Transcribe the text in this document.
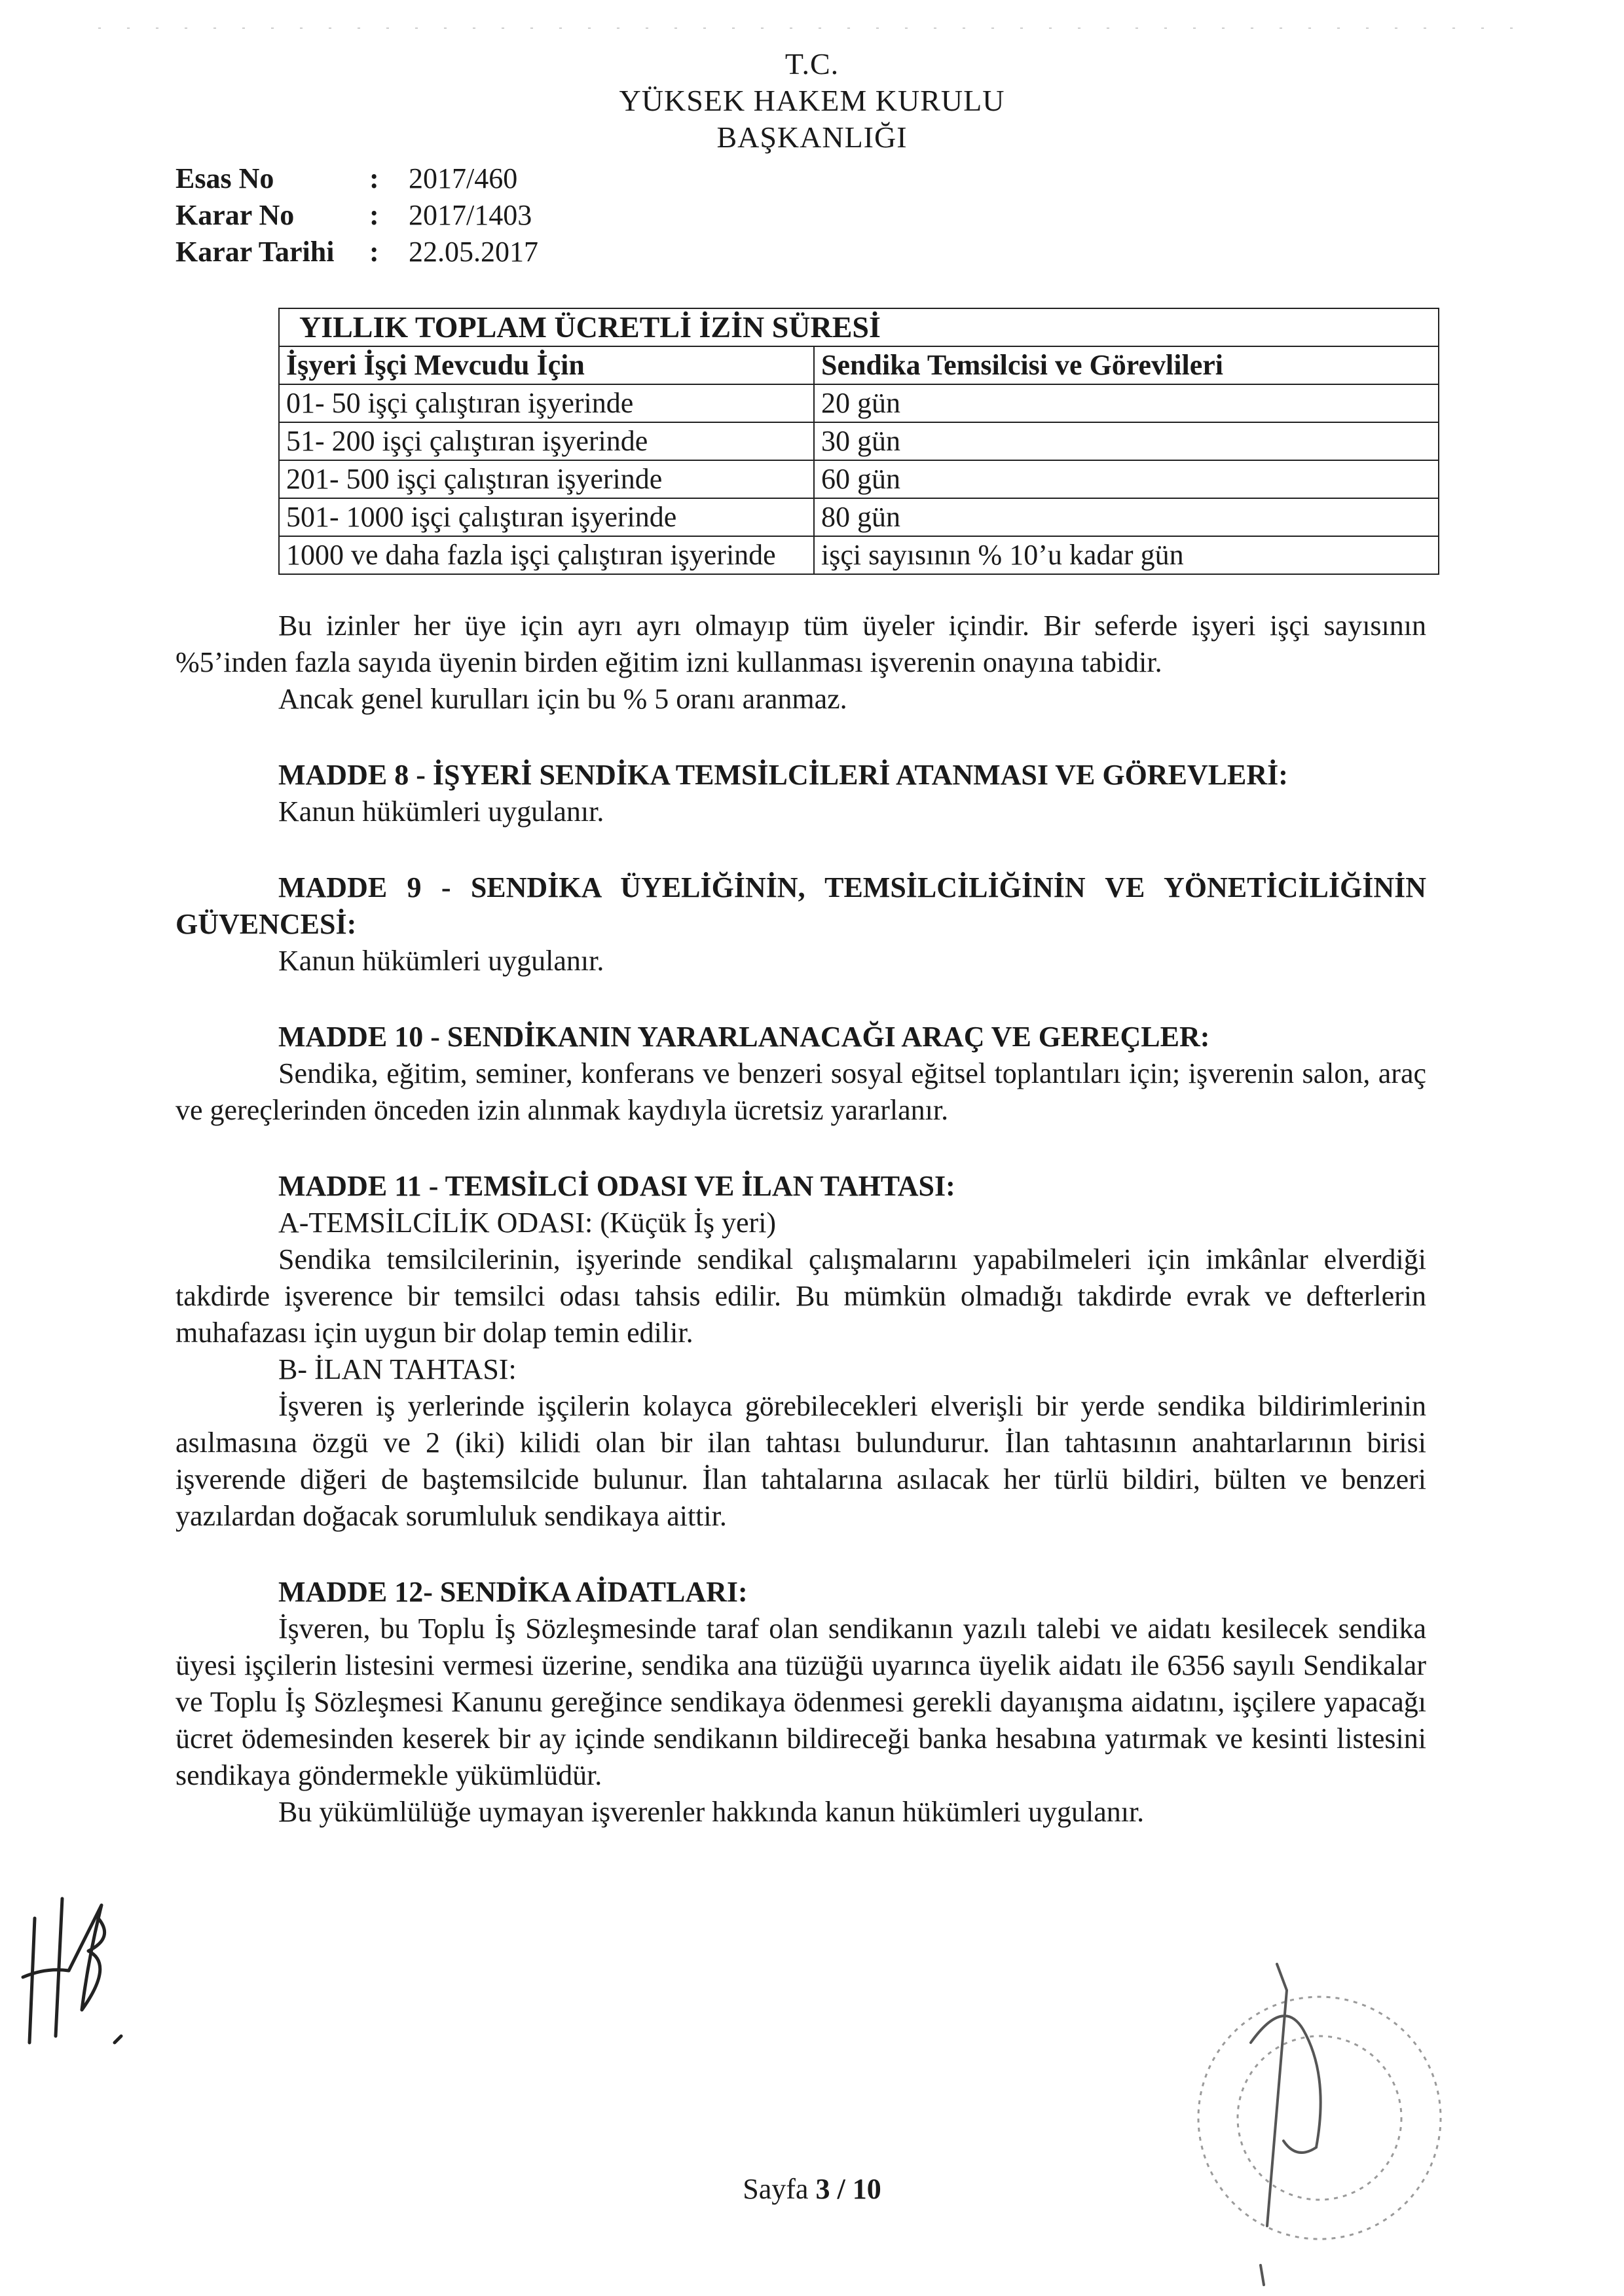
T.C.
YÜKSEK HAKEM KURULU
BAŞKANLIĞI
Esas No	:	2017/460
Karar No	:	2017/1403
Karar Tarihi	:	22.05.2017
YILLIK TOPLAM ÜCRETLİ İZİN SÜRESİ	
İşyeri İşçi Mevcudu İçin	Sendika Temsilcisi ve Görevlileri
01- 50 işçi çalıştıran işyerinde	20 gün
51- 200 işçi çalıştıran işyerinde	30 gün
201- 500 işçi çalıştıran işyerinde	60 gün
501- 1000 işçi çalıştıran işyerinde	80 gün
1000 ve daha fazla işçi çalıştıran işyerinde	işçi sayısının % 10’u kadar gün

Bu izinler her üye için ayrı ayrı olmayıp tüm üyeler içindir. Bir seferde işyeri işçi sayısının %5’inden fazla sayıda üyenin birden eğitim izni kullanması işverenin onayına tabidir.

Ancak genel kurulları için bu % 5 oranı aranmaz.

MADDE 8 - İŞYERİ SENDİKA TEMSİLCİLERİ ATANMASI VE GÖREVLERİ:

Kanun hükümleri uygulanır.

MADDE 9 - SENDİKA ÜYELİĞİNİN, TEMSİLCİLİĞİNİN VE YÖNETİCİLİĞİNİN GÜVENCESİ:

Kanun hükümleri uygulanır.

MADDE 10 - SENDİKANIN YARARLANACAĞI ARAÇ VE GEREÇLER:

Sendika, eğitim, seminer, konferans ve benzeri sosyal eğitsel toplantıları için; işverenin salon, araç ve gereçlerinden önceden izin alınmak kaydıyla ücretsiz yararlanır.

MADDE 11 - TEMSİLCİ ODASI VE İLAN TAHTASI:

A-TEMSİLCİLİK ODASI: (Küçük İş yeri)

Sendika temsilcilerinin, işyerinde sendikal çalışmalarını yapabilmeleri için imkânlar elverdiği takdirde işverence bir temsilci odası tahsis edilir. Bu mümkün olmadığı takdirde evrak ve defterlerin muhafazası için uygun bir dolap temin edilir.

B- İLAN TAHTASI:

İşveren iş yerlerinde işçilerin kolayca görebilecekleri elverişli bir yerde sendika bildirimlerinin asılmasına özgü ve 2 (iki) kilidi olan bir ilan tahtası bulundurur. İlan tahtasının anahtarlarının birisi işverende diğeri de baştemsilcide bulunur. İlan tahtalarına asılacak her türlü bildiri, bülten ve benzeri yazılardan doğacak sorumluluk sendikaya aittir.

MADDE 12- SENDİKA AİDATLARI:

İşveren, bu Toplu İş Sözleşmesinde taraf olan sendikanın yazılı talebi ve aidatı kesilecek sendika üyesi işçilerin listesini vermesi üzerine, sendika ana tüzüğü uyarınca üyelik aidatı ile 6356 sayılı Sendikalar ve Toplu İş Sözleşmesi Kanunu gereğince sendikaya ödenmesi gerekli dayanışma aidatını, işçilere yapacağı ücret ödemesinden keserek bir ay içinde sendikanın bildireceği banka hesabına yatırmak ve kesinti listesini sendikaya göndermekle yükümlüdür.

Bu yükümlülüğe uymayan işverenler hakkında kanun hükümleri uygulanır.

Sayfa 3 / 10
